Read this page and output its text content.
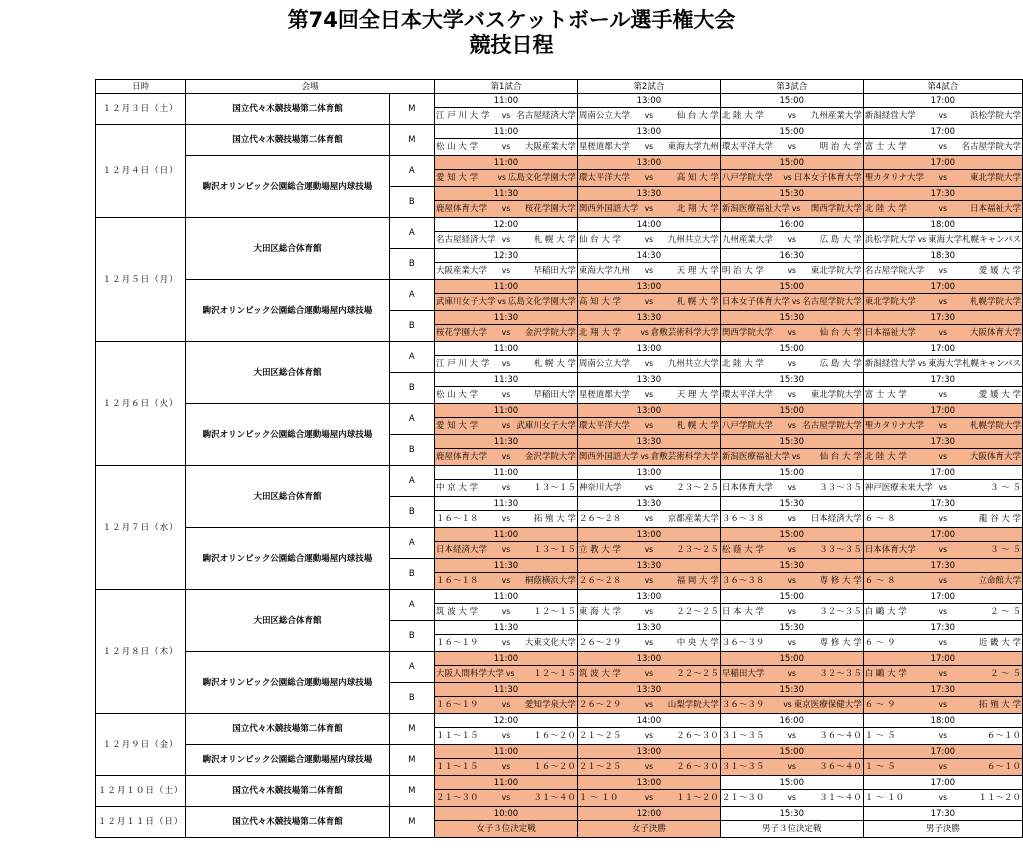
第74回全日本大学バスケットボール選手権大会
競技日程
日時	会場		第1試合	第2試合	第3試合	第4試合
１２月３日（土）	国立代々木競技場第二体育館	M	11:00	13:00	15:00	17:00

			江 戸 川 大 学 vs 名古屋経済大学	周南公立大学 vs 仙 台 大 学	北 陸 大 学 vs 九州産業大学	新潟経営大学 vs 浜松学院大学

１２月４日（日）	国立代々木競技場第二体育館	M	11:00	13:00	15:00	17:00

			松 山 大 学 vs 大阪産業大学	星槎道都大学 vs 東海大学九州	環太平洋大学 vs 明 治 大 学	富 士 大 学 vs 名古屋学院大学

	駒沢オリンピック公園総合運動場屋内球技場	A	11:00	13:00	15:00	17:00

			愛 知 大 学 vs 広島文化学園大学	環太平洋大学 vs 高 知 大 学	八戸学院大学 vs 日本女子体育大学	聖カタリナ大学 vs 東北学院大学

		B	11:30	13:30	15:30	17:30

			鹿屋体育大学 vs 桜花学園大学	関西外国語大学 vs 北 翔 大 学	新潟医療福祉大学 vs 関西学院大学	北 陸 大 学 vs 日本福祉大学

１２月５日（月）	大田区総合体育館	A	12:00	14:00	16:00	18:00

			名古屋経済大学 vs 札 幌 大 学	仙 台 大 学 vs 九州共立大学	九州産業大学 vs 広 島 大 学	浜松学院大学 vs 東海大学札幌キャンパス

		B	12:30	14:30	16:30	18:30

			大阪産業大学 vs 早稲田大学	東海大学九州 vs 天 理 大 学	明 治 大 学 vs 東北学院大学	名古屋学院大学 vs 愛 媛 大 学

	駒沢オリンピック公園総合運動場屋内球技場	A	11:00	13:00	15:00	17:00

			武庫川女子大学 vs 広島文化学園大学	高 知 大 学 vs 札 幌 大 学	日本女子体育大学 vs 名古屋学院大学	東北学院大学 vs 札幌学院大学

		B	11:30	13:30	15:30	17:30

			桜花学園大学 vs 金沢学院大学	北 翔 大 学 vs 倉敷芸術科学大学	関西学院大学 vs 仙 台 大 学	日本福祉大学 vs 大阪体育大学

１２月６日（火）	大田区総合体育館	A	11:00	13:00	15:00	17:00

			江 戸 川 大 学 vs 札 幌 大 学	周南公立大学 vs 九州共立大学	北 陸 大 学 vs 広 島 大 学	新潟経営大学 vs 東海大学札幌キャンパス

		B	11:30	13:30	15:30	17:30

			松 山 大 学 vs 早稲田大学	星槎道都大学 vs 天 理 大 学	環太平洋大学 vs 東北学院大学	富 士 大 学 vs 愛 媛 大 学

	駒沢オリンピック公園総合運動場屋内球技場	A	11:00	13:00	15:00	17:00

			愛 知 大 学 vs 武庫川女子大学	環太平洋大学 vs 札 幌 大 学	八戸学院大学 vs 名古屋学院大学	聖カタリナ大学 vs 札幌学院大学

		B	11:30	13:30	15:30	17:30

			鹿屋体育大学 vs 金沢学院大学	関西外国語大学 vs 倉敷芸術科学大学	新潟医療福祉大学 vs 仙 台 大 学	北 陸 大 学 vs 大阪体育大学

１２月７日（水）	大田区総合体育館	A	11:00	13:00	15:00	17:00

			中 京 大 学 vs １３～１５	神奈川大学 vs ２３～２５	日本体育大学 vs ３３～３５	神戸医療未来大学 vs ３ ～ ５

		B	11:30	13:30	15:30	17:30

			１６～１８ vs 拓 殖 大 学	２６～２８ vs 京都産業大学	３６～３８ vs 日本経済大学	６ ～ ８ vs 龍 谷 大 学

	駒沢オリンピック公園総合運動場屋内球技場	A	11:00	13:00	15:00	17:00

			日本経済大学 vs １３～１５	立 教 大 学 vs ２３～２５	松 蔭 大 学 vs ３３～３５	日本体育大学 vs ３ ～ ５

		B	11:30	13:30	15:30	17:30

			１６～１８ vs 桐蔭横浜大学	２６～２８ vs 福 岡 大 学	３６～３８ vs 専 修 大 学	６ ～ ８ vs 立命館大学

１２月８日（木）	大田区総合体育館	A	11:00	13:00	15:00	17:00

			筑 波 大 学 vs １２～１５	東 海 大 学 vs ２２～２５	日 本 大 学 vs ３２～３５	白 鷗 大 学 vs ２ ～ ５

		B	11:30	13:30	15:30	17:30

			１６～１９ vs 大東文化大学	２６～２９ vs 中 央 大 学	３６～３９ vs 専 修 大 学	６ ～ ９ vs 近 畿 大 学

	駒沢オリンピック公園総合運動場屋内球技場	A	11:00	13:00	15:00	17:00

			大阪人間科学大学 vs １２～１５	筑 波 大 学 vs ２２～２５	早稲田大学 vs ３２～３５	白 鷗 大 学 vs ２ ～ ５

		B	11:30	13:30	15:30	17:30

			１６～１９ vs 愛知学泉大学	２６～２９ vs 山梨学院大学	３６～３９ vs 東京医療保健大学	６ ～ ９ vs 拓 殖 大 学

１２月９日（金）	国立代々木競技場第二体育館	M	12:00	14:00	16:00	18:00

			１１～１５ vs １６～２０	２１～２５ vs ２６～３０	３１～３５ vs ３６～４０	１ ～ ５ vs ６～１０

	駒沢オリンピック公園総合運動場屋内球技場	M	11:00	13:00	15:00	17:00

			１１～１５ vs １６～２０	２１～２５ vs ２６～３０	３１～３５ vs ３６～４０	１ ～ ５ vs ６～１０

１２月１０日（土）	国立代々木競技場第二体育館	M	11:00	13:00	15:00	17:00

			２１～３０ vs ３１～４０	１ ～ １０ vs １１～２０	２１～３０ vs ３１～４０	１ ～ １０ vs １１～２０

１２月１１日（日）	国立代々木競技場第二体育館	M	10:00	12:00	15:30	17:30

			女子３位決定戦	女子決勝	男子３位決定戦	男子決勝
